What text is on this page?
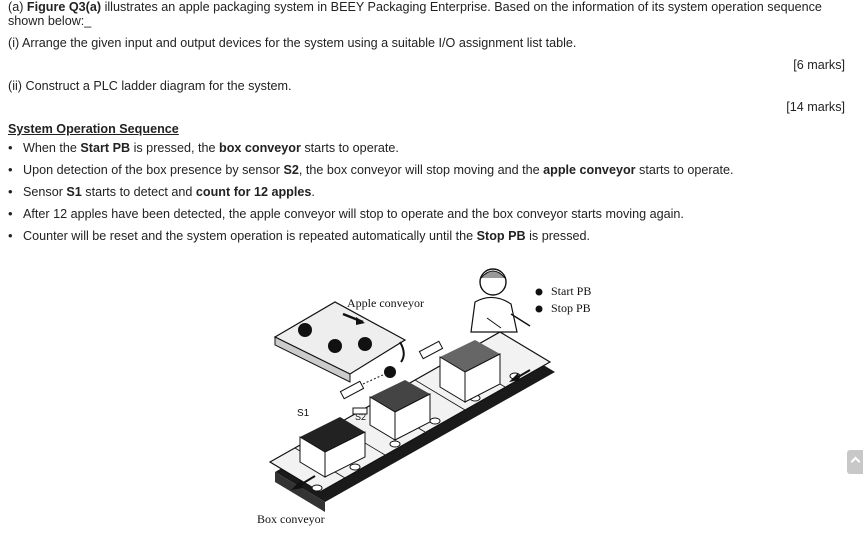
(a) Figure Q3(a) illustrates an apple packaging system in BEEY Packaging Enterprise. Based on the information of its system operation sequence
shown below:_
(i) Arrange the given input and output devices for the system using a suitable I/O assignment list table.
[6 marks]
(ii) Construct a PLC ladder diagram for the system.
[14 marks]
System Operation Sequence
• When the Start PB is pressed, the box conveyor starts to operate.
• Upon detection of the box presence by sensor S2, the box conveyor will stop moving and the apple conveyor starts to operate.
• Sensor S1 starts to detect and count for 12 apples.
• After 12 apples have been detected, the apple conveyor will stop to operate and the box conveyor starts moving again.
• Counter will be reset and the system operation is repeated automatically until the Stop PB is pressed.
Apple conveyor
Start PB
Stop PB
S1	S2
Box conveyor
